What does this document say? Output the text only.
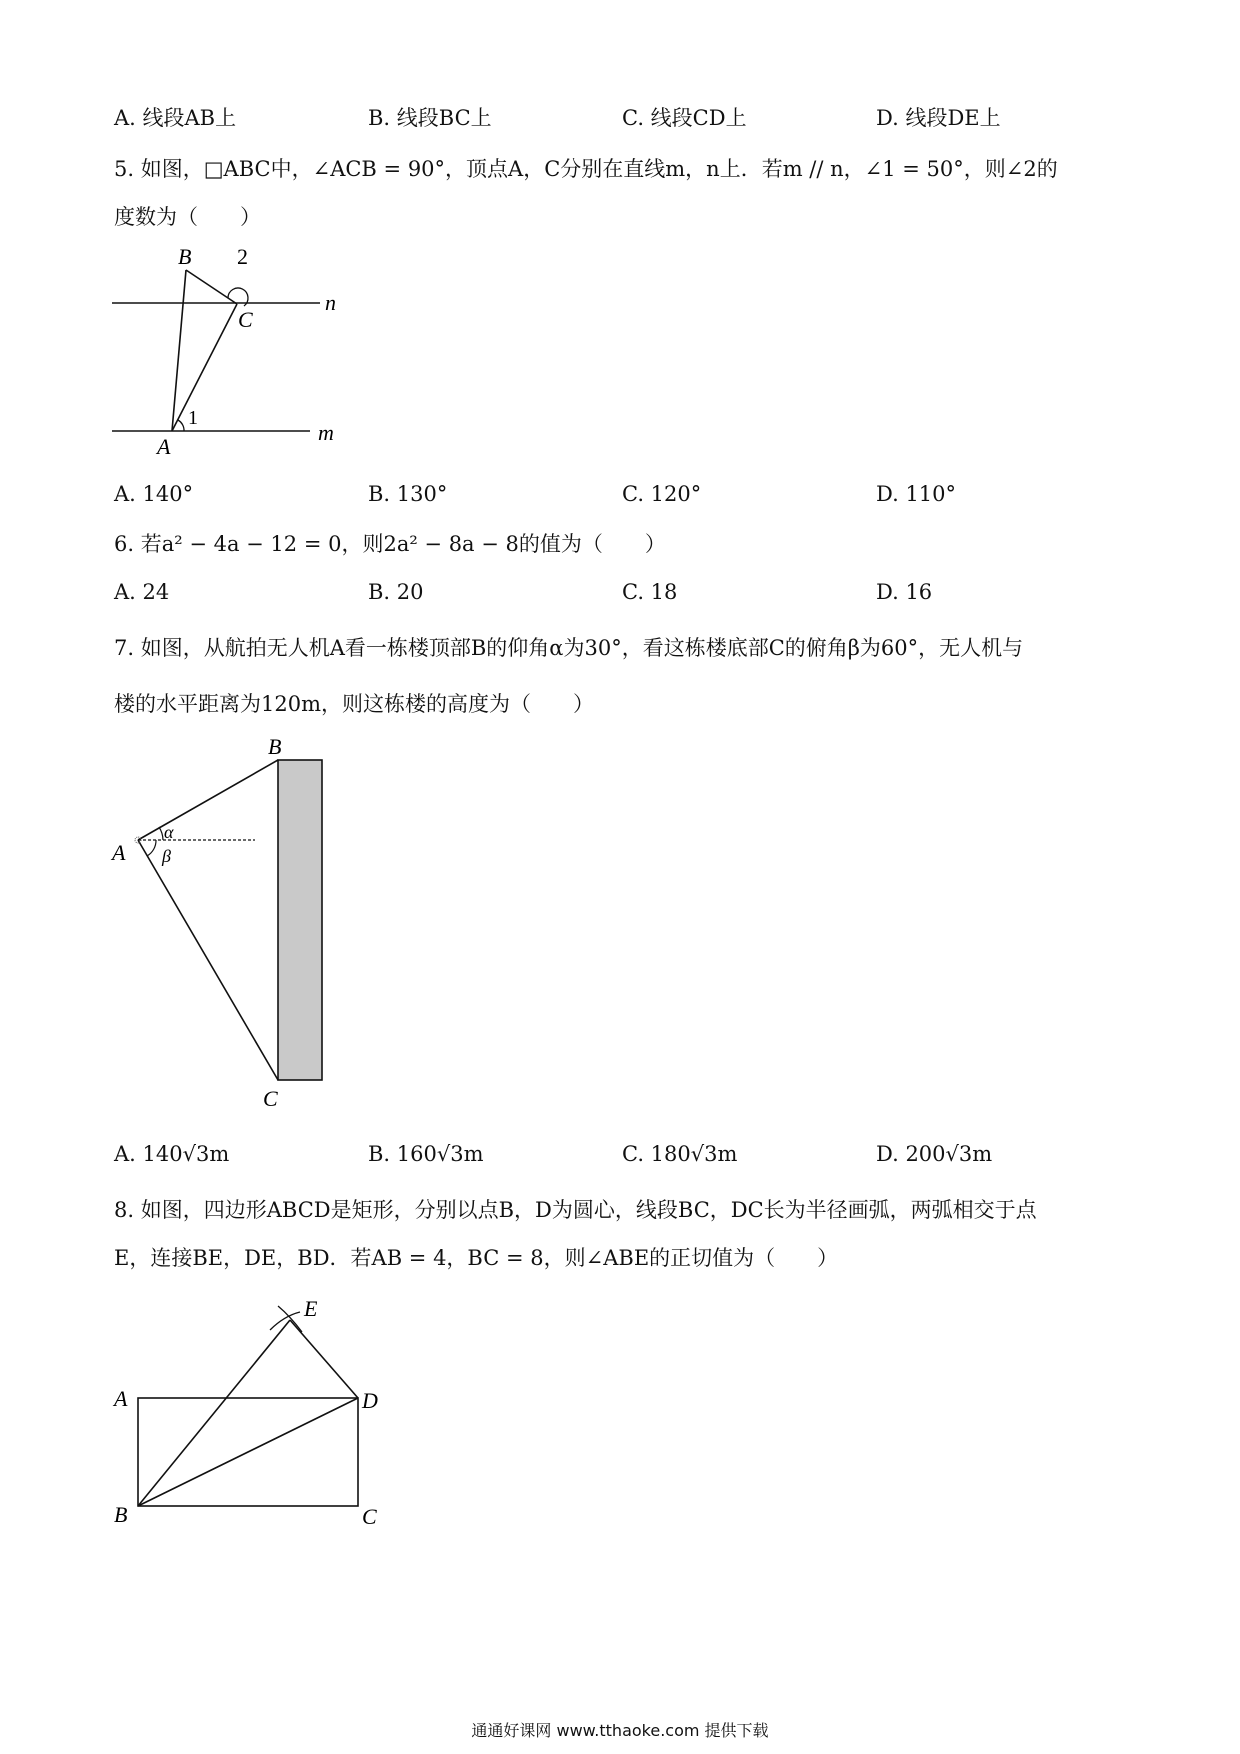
A. 线段AB上	B. 线段BC上	C. 线段CD上	D. 线段DE上
5. 如图，□ABC中，∠ACB = 90°，顶点A，C分别在直线m，n上．若m // n，∠1 = 50°，则∠2的
度数为（　　）
B 2
C
n
1
A
m
A. 140°	B. 130°	C. 120°	D. 110°
6. 若a² − 4a − 12 = 0，则2a² − 8a − 8的值为（　　）
A. 24	B. 20	C. 18	D. 16
7. 如图，从航拍无人机A看一栋楼顶部B的仰角α为30°，看这栋楼底部C的俯角β为60°，无人机与
楼的水平距离为120m，则这栋楼的高度为（　　）
B
α
β
A
C
A. 140√3m	B. 160√3m	C. 180√3m	D. 200√3m
8. 如图，四边形ABCD是矩形，分别以点B，D为圆心，线段BC，DC长为半径画弧，两弧相交于点
E，连接BE，DE，BD．若AB = 4，BC = 8，则∠ABE的正切值为（　　）
E
A	D
B	C
通通好课网 www.tthaoke.com 提供下载
